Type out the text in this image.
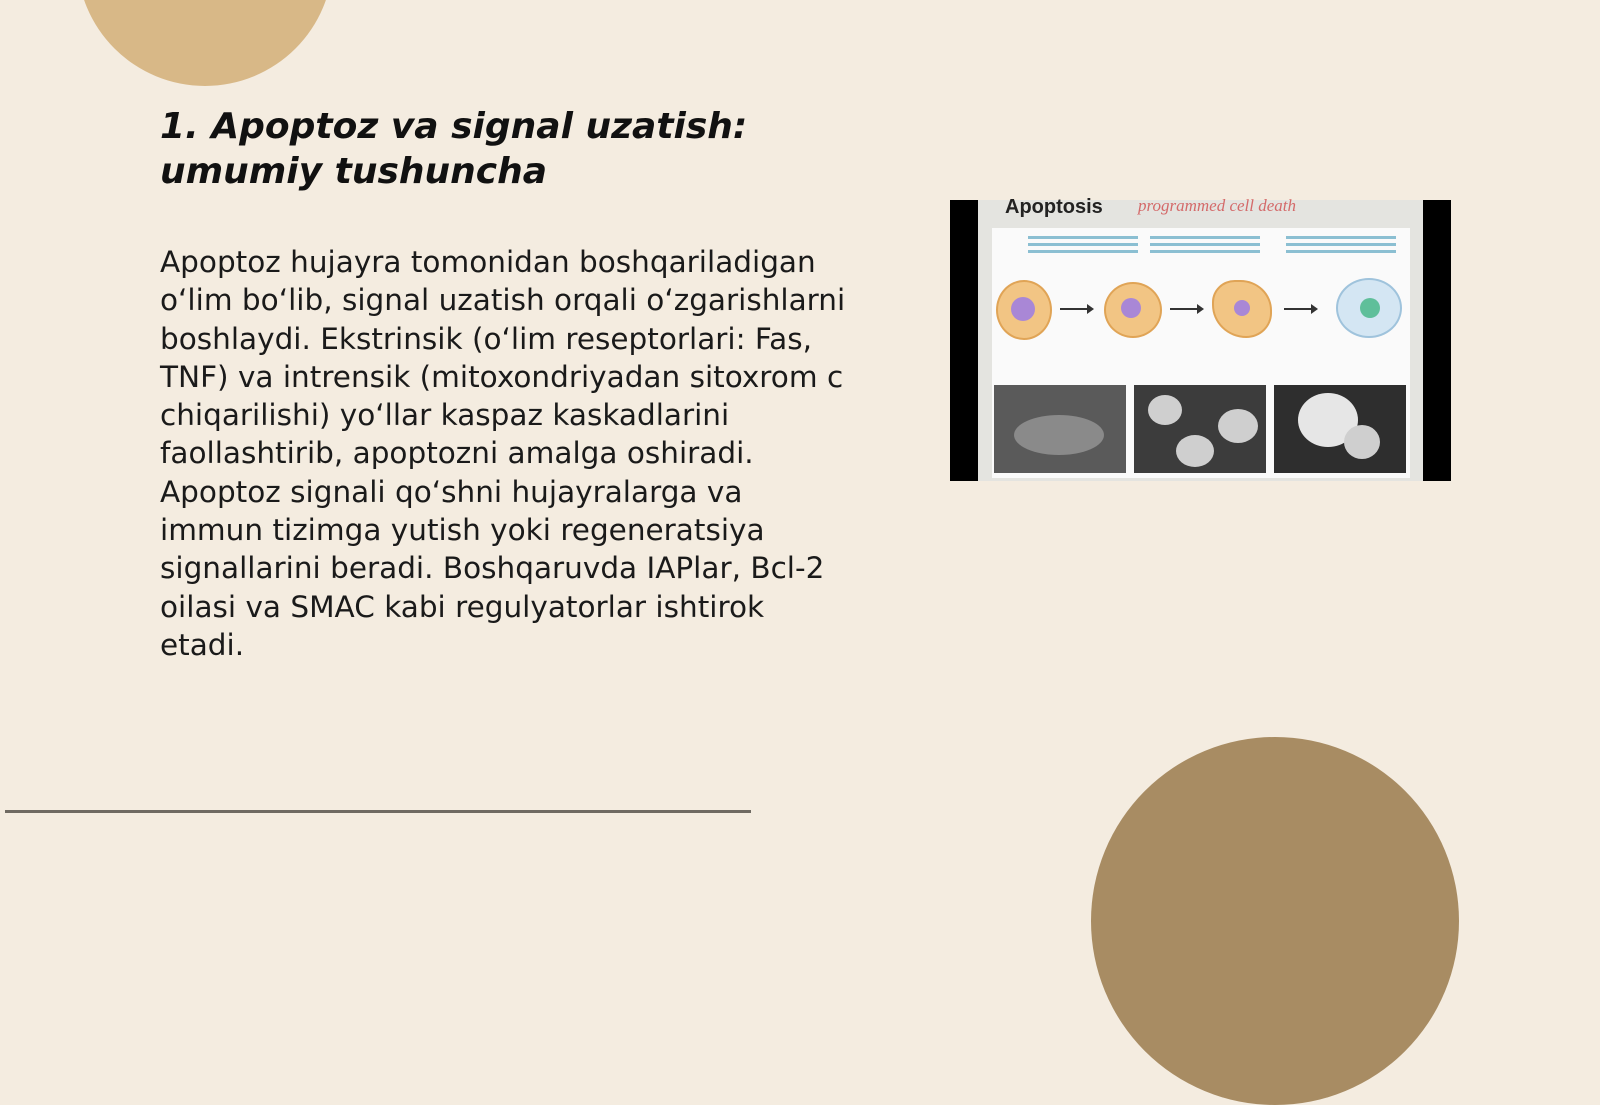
1. Apoptoz va signal uzatish: umumiy tushuncha

Apoptoz hujayra tomonidan boshqariladigan o‘lim bo‘lib, signal uzatish orqali o‘zgarishlarni boshlaydi. Ekstrinsik (o‘lim reseptorlari: Fas, TNF) va intrensik (mitoxondriyadan sitoxrom c chiqarilishi) yo‘llar kaspaz kaskadlarini faollashtirib, apoptozni amalga oshiradi. Apoptoz signali qo‘shni hujayralarga va immun tizimga yutish yoki regeneratsiya signallarini beradi. Boshqaruvda IAPlar, Bcl-2 oilasi va SMAC kabi regulyatorlar ishtirok etadi.

Apoptosis programmed cell death
